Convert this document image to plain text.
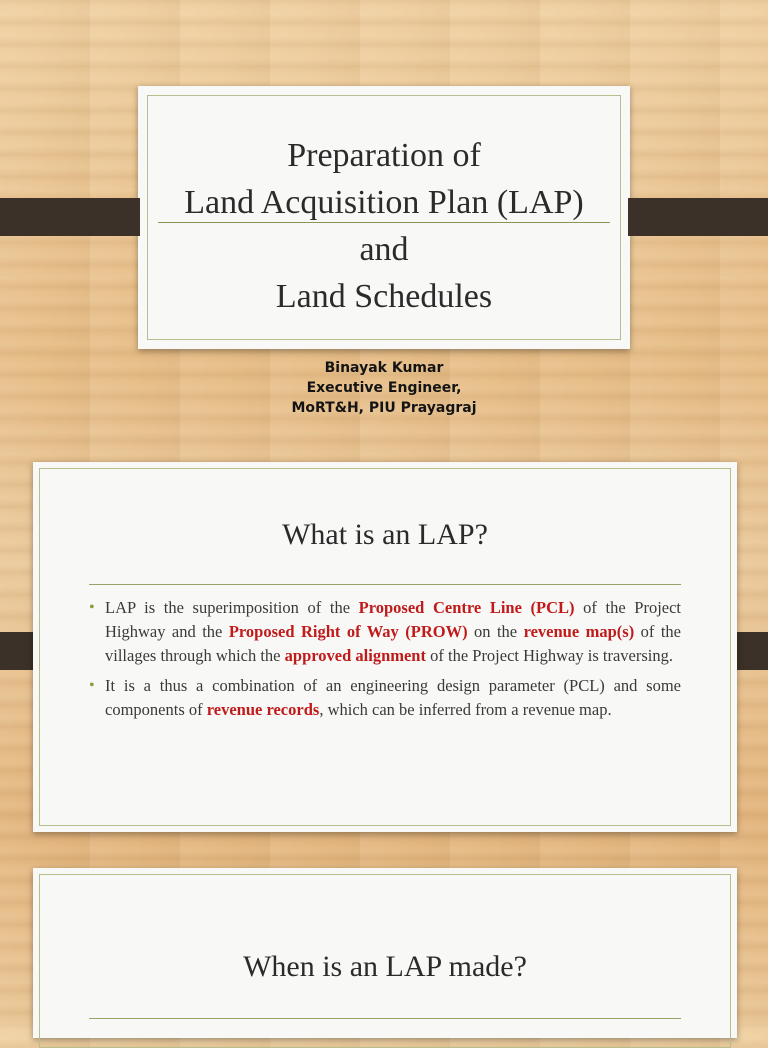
Preparation of
Land Acquisition Plan (LAP)
and
Land Schedules
Binayak Kumar
Executive Engineer,
MoRT&H, PIU Prayagraj
What is an LAP?
• LAP is the superimposition of the Proposed Centre Line (PCL) of the Project Highway and the Proposed Right of Way (PROW) on the revenue map(s) of the villages through which the approved alignment of the Project Highway is traversing.
• It is a thus a combination of an engineering design parameter (PCL) and some components of revenue records, which can be inferred from a revenue map.
When is an LAP made?
